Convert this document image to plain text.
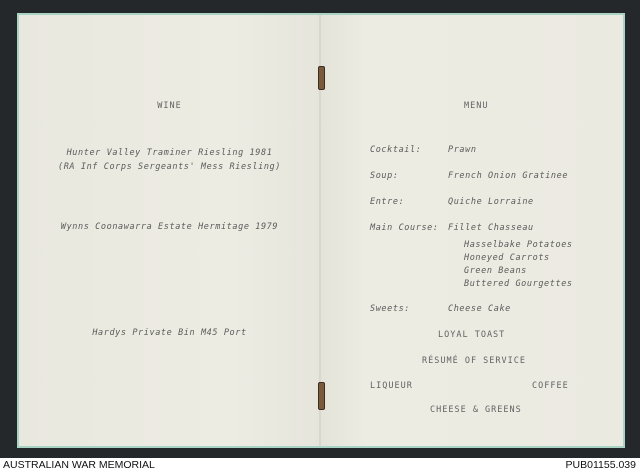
WINE
Hunter Valley Traminer Riesling 1981
(RA Inf Corps Sergeants' Mess Riesling)
Wynns Coonawarra Estate Hermitage 1979
Hardys Private Bin M45 Port
MENU
Cocktail:	Prawn
Soup:	French Onion Gratinee
Entre:	Quiche Lorraine
Main Course: Fillet Chasseau
Hasselbake Potatoes
Honeyed Carrots
Green Beans
Buttered Gourgettes
Sweets:	Cheese Cake
LOYAL TOAST
RÉSUMÉ OF SERVICE
LIQUEUR	COFFEE
CHEESE & GREENS
AUSTRALIAN WAR MEMORIAL	PUB01155.039
